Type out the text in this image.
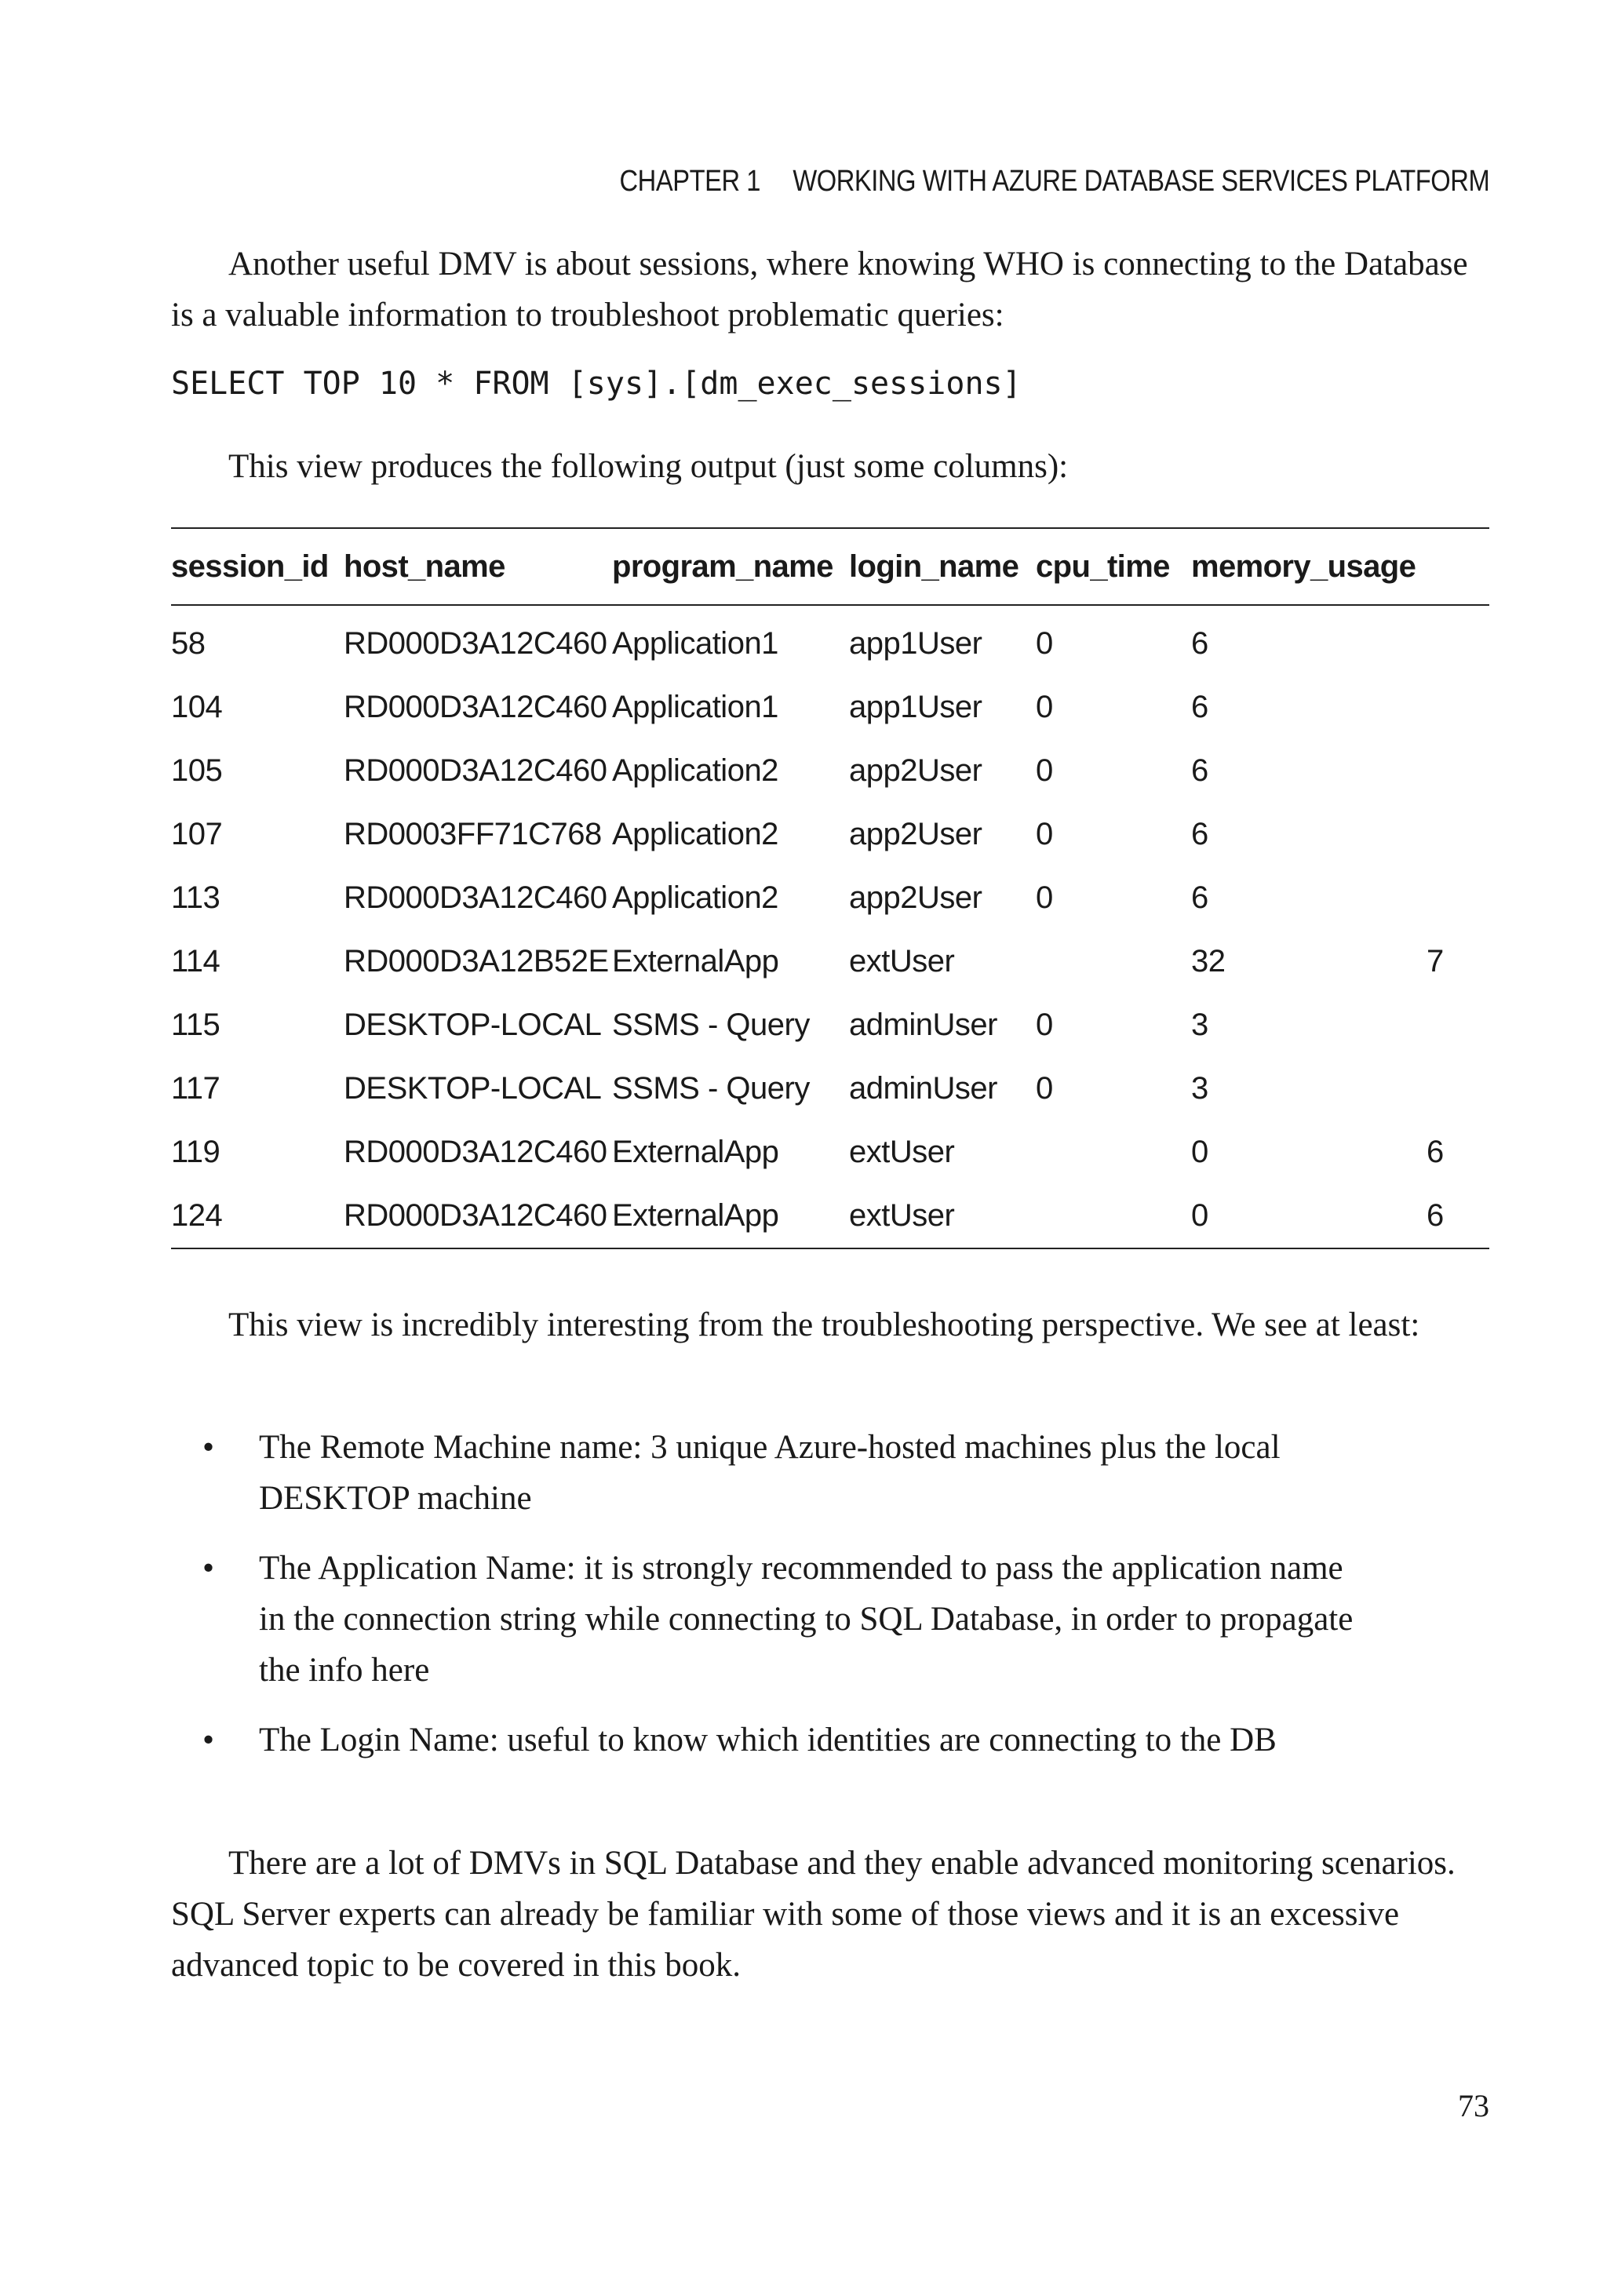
CHAPTER 1 WORKING WITH AZURE DATABASE SERVICES PLATFORM

Another useful DMV is about sessions, where knowing WHO is connecting to the Database is a valuable information to troubleshoot problematic queries:

SELECT TOP 10 * FROM [sys].[dm_exec_sessions]

This view produces the following output (just some columns):

session_id	host_name	program_name	login_name	cpu_time	memory_usage	
58	RD000D3A12C460	Application1	app1User	0	6	
104	RD000D3A12C460	Application1	app1User	0	6	
105	RD000D3A12C460	Application2	app2User	0	6	
107	RD0003FF71C768	Application2	app2User	0	6	
113	RD000D3A12C460	Application2	app2User	0	6	
114	RD000D3A12B52E	ExternalApp	extUser		32	7
115	DESKTOP-LOCAL	SSMS - Query	adminUser	0	3	
117	DESKTOP-LOCAL	SSMS - Query	adminUser	0	3	
119	RD000D3A12C460	ExternalApp	extUser		0	6
124	RD000D3A12C460	ExternalApp	extUser		0	6

This view is incredibly interesting from the troubleshooting perspective. We see at least:

• The Remote Machine name: 3 unique Azure-hosted machines plus the local DESKTOP machine
• The Application Name: it is strongly recommended to pass the application name in the connection string while connecting to SQL Database, in order to propagate the info here
• The Login Name: useful to know which identities are connecting to the DB

There are a lot of DMVs in SQL Database and they enable advanced monitoring scenarios. SQL Server experts can already be familiar with some of those views and it is an excessive advanced topic to be covered in this book.

73
